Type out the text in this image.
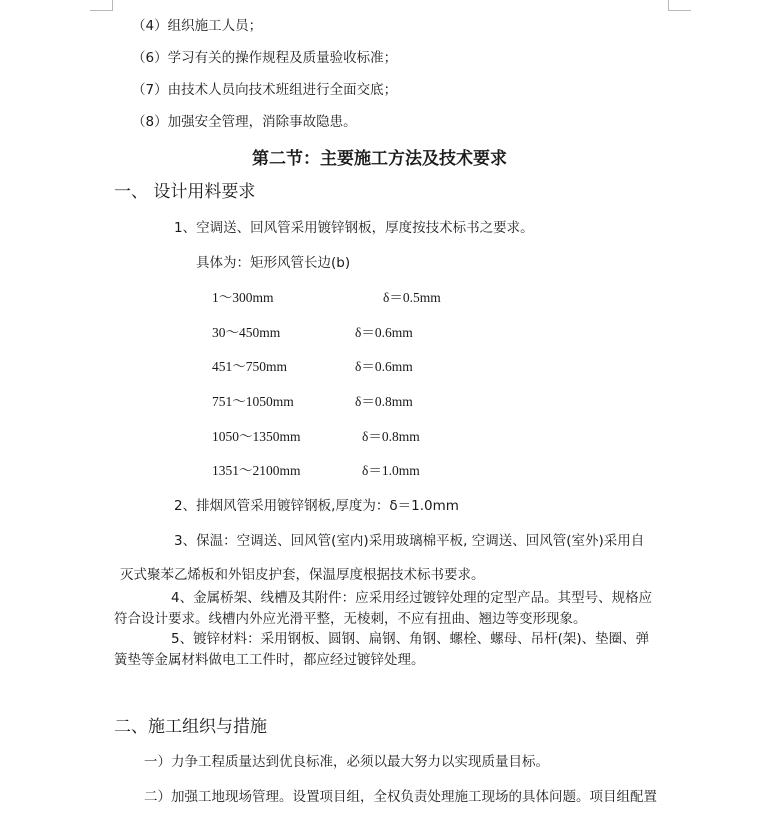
（4）组织施工人员；
（6）学习有关的操作规程及质量验收标准；
（7）由技术人员向技术班组进行全面交底；
（8）加强安全管理，消除事故隐患。
第二节：主要施工方法及技术要求
一、 设计用料要求
1、空调送、回风管采用镀锌钢板，厚度按技术标书之要求。
具体为：矩形风管长边(b)
1～300mm	δ＝0.5mm
30～450mm	δ＝0.6mm
451～750mm	δ＝0.6mm
751～1050mm	δ＝0.8mm
1050～1350mm	δ＝0.8mm
1351～2100mm	δ＝1.0mm
2、排烟风管采用镀锌钢板,厚度为：δ＝1.0mm
3、保温：空调送、回风管(室内)采用玻璃棉平板, 空调送、回风管(室外)采用自
灭式聚苯乙烯板和外铝皮护套，保温厚度根据技术标书要求。
4、金属桥架、线槽及其附件：应采用经过镀锌处理的定型产品。其型号、规格应
符合设计要求。线槽内外应光滑平整，无棱刺，不应有扭曲、翘边等变形现象。
5、镀锌材料：采用钢板、圆钢、扁钢、角钢、螺栓、螺母、吊杆(架)、垫圈、弹
簧垫等金属材料做电工工件时，都应经过镀锌处理。
二、施工组织与措施
一）力争工程质量达到优良标准，必须以最大努力以实现质量目标。
二）加强工地现场管理。设置项目组，全权负责处理施工现场的具体问题。项目组配置
